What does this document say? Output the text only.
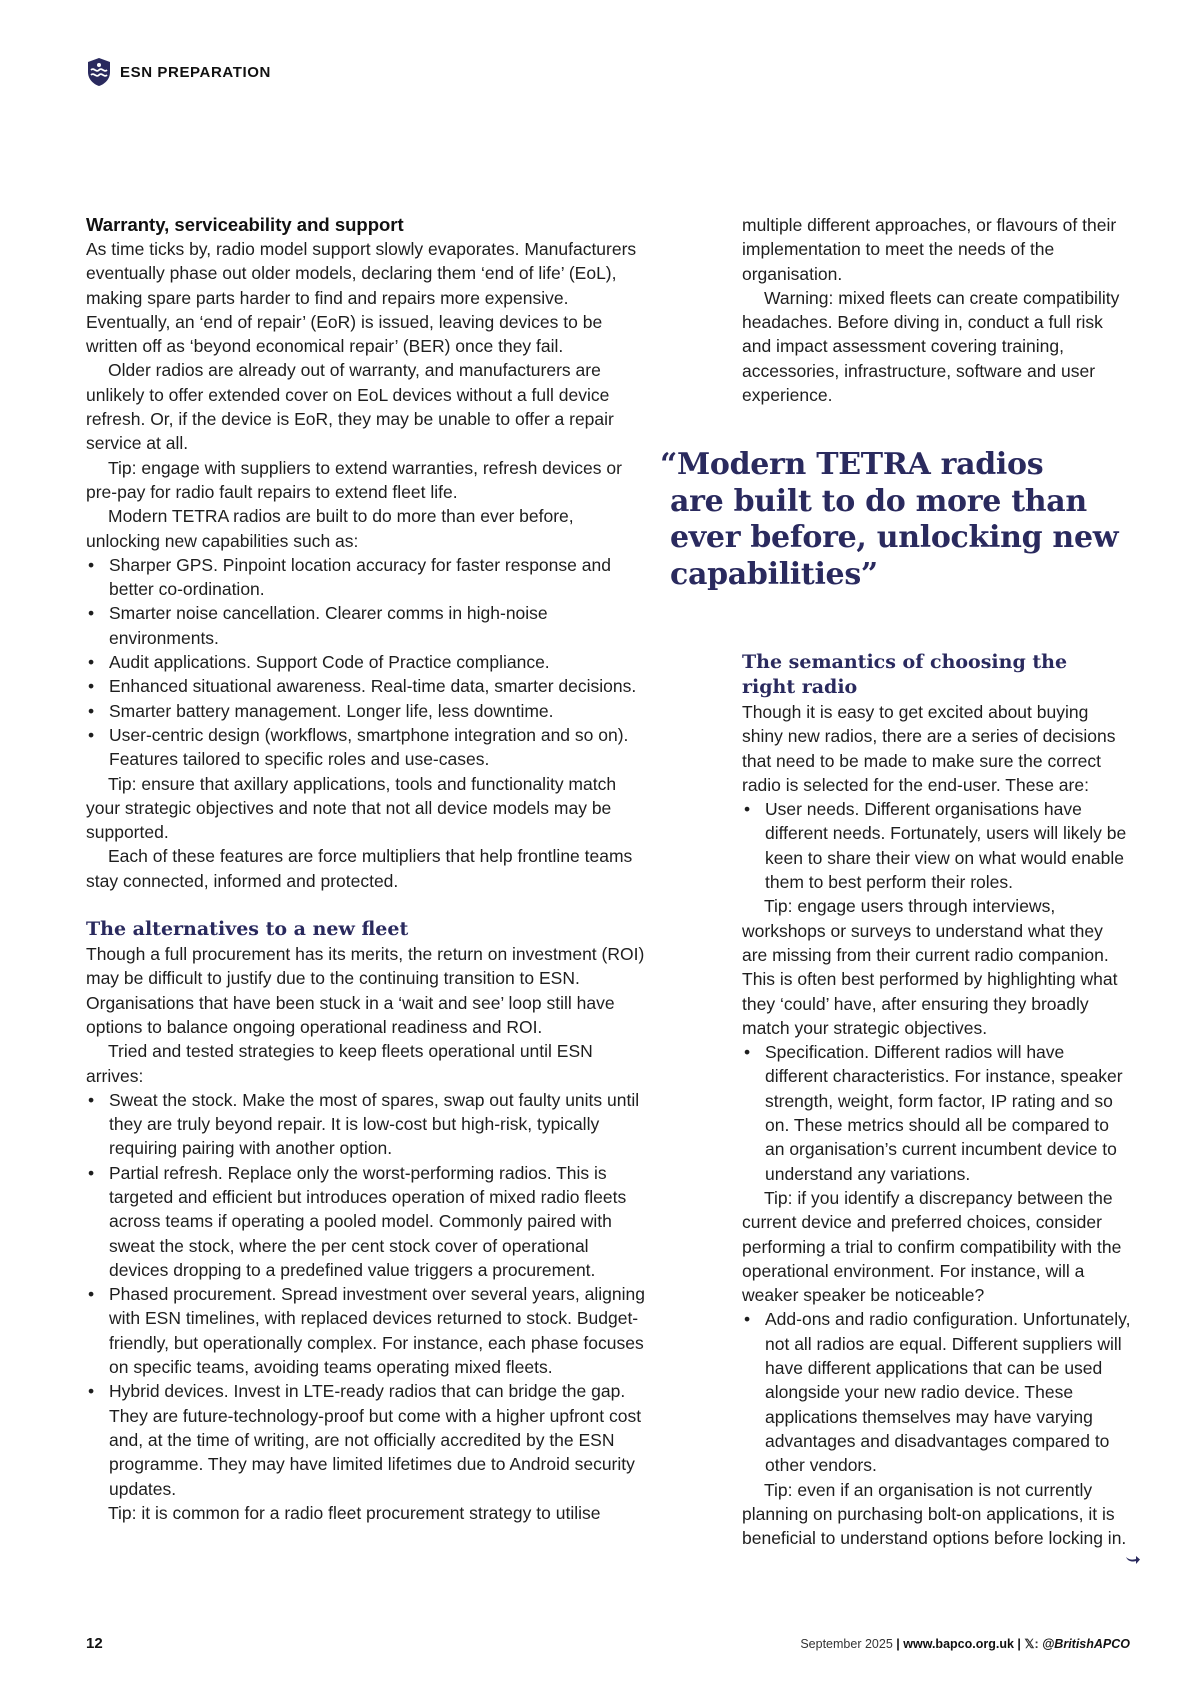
ESN PREPARATION
Warranty, serviceability and support

As time ticks by, radio model support slowly evaporates. Manufacturers eventually phase out older models, declaring them ‘end of life’ (EoL), making spare parts harder to find and repairs more expensive. Eventually, an ‘end of repair’ (EoR) is issued, leaving devices to be written off as ‘beyond economical repair’ (BER) once they fail.

Older radios are already out of warranty, and manufacturers are unlikely to offer extended cover on EoL devices without a full device refresh. Or, if the device is EoR, they may be unable to offer a repair service at all.

Tip: engage with suppliers to extend warranties, refresh devices or pre-pay for radio fault repairs to extend fleet life.

Modern TETRA radios are built to do more than ever before, unlocking new capabilities such as:

• Sharper GPS. Pinpoint location accuracy for faster response and better co-ordination.
• Smarter noise cancellation. Clearer comms in high-noise environments.
• Audit applications. Support Code of Practice compliance.
• Enhanced situational awareness. Real-time data, smarter decisions.
• Smarter battery management. Longer life, less downtime.
• User-centric design (workflows, smartphone integration and so on). Features tailored to specific roles and use-cases.

Tip: ensure that axillary applications, tools and functionality match your strategic objectives and note that not all device models may be supported.

Each of these features are force multipliers that help frontline teams stay connected, informed and protected.

The alternatives to a new fleet

Though a full procurement has its merits, the return on investment (ROI) may be difficult to justify due to the continuing transition to ESN. Organisations that have been stuck in a ‘wait and see’ loop still have options to balance ongoing operational readiness and ROI.

Tried and tested strategies to keep fleets operational until ESN arrives:

• Sweat the stock. Make the most of spares, swap out faulty units until they are truly beyond repair. It is low-cost but high-risk, typically requiring pairing with another option.
• Partial refresh. Replace only the worst-performing radios. This is targeted and efficient but introduces operation of mixed radio fleets across teams if operating a pooled model. Commonly paired with sweat the stock, where the per cent stock cover of operational devices dropping to a predefined value triggers a procurement.
• Phased procurement. Spread investment over several years, aligning with ESN timelines, with replaced devices returned to stock. Budget-friendly, but operationally complex. For instance, each phase focuses on specific teams, avoiding teams operating mixed fleets.
• Hybrid devices. Invest in LTE-ready radios that can bridge the gap. They are future-technology-proof but come with a higher upfront cost and, at the time of writing, are not officially accredited by the ESN programme. They may have limited lifetimes due to Android security updates.

Tip: it is common for a radio fleet procurement strategy to utilise

multiple different approaches, or flavours of their implementation to meet the needs of the organisation.

Warning: mixed fleets can create compatibility headaches. Before diving in, conduct a full risk and impact assessment covering training, accessories, infrastructure, software and user experience.

“Modern TETRA radios
are built to do more than
ever before, unlocking new
capabilities”
The semantics of choosing the
right radio

Though it is easy to get excited about buying shiny new radios, there are a series of decisions that need to be made to make sure the correct radio is selected for the end-user. These are:

• User needs. Different organisations have different needs. Fortunately, users will likely be keen to share their view on what would enable them to best perform their roles.

Tip: engage users through interviews, workshops or surveys to understand what they are missing from their current radio companion. This is often best performed by highlighting what they ‘could’ have, after ensuring they broadly match your strategic objectives.

• Specification. Different radios will have different characteristics. For instance, speaker strength, weight, form factor, IP rating and so on. These metrics should all be compared to an organisation’s current incumbent device to understand any variations.

Tip: if you identify a discrepancy between the current device and preferred choices, consider performing a trial to confirm compatibility with the operational environment. For instance, will a weaker speaker be noticeable?

• Add-ons and radio configuration. Unfortunately, not all radios are equal. Different suppliers will have different applications that can be used alongside your new radio device. These applications themselves may have varying advantages and disadvantages compared to other vendors.

Tip: even if an organisation is not currently planning on purchasing bolt-on applications, it is beneficial to understand options before locking in.

12	September 2025 | www.bapco.org.uk | 𝕏: @BritishAPCO
